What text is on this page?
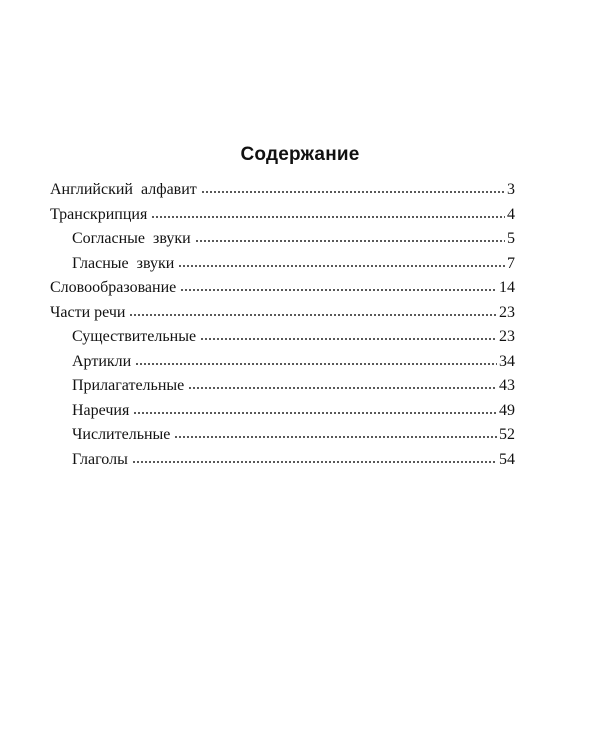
Содержание
Английский  алфавит	3
Транскрипция	4
Согласные  звуки	5
Гласные  звуки	7
Словообразование	14
Части речи	23
Существительные	23
Артикли	34
Прилагательные	43
Наречия	49
Числительные	52
Глаголы	54
